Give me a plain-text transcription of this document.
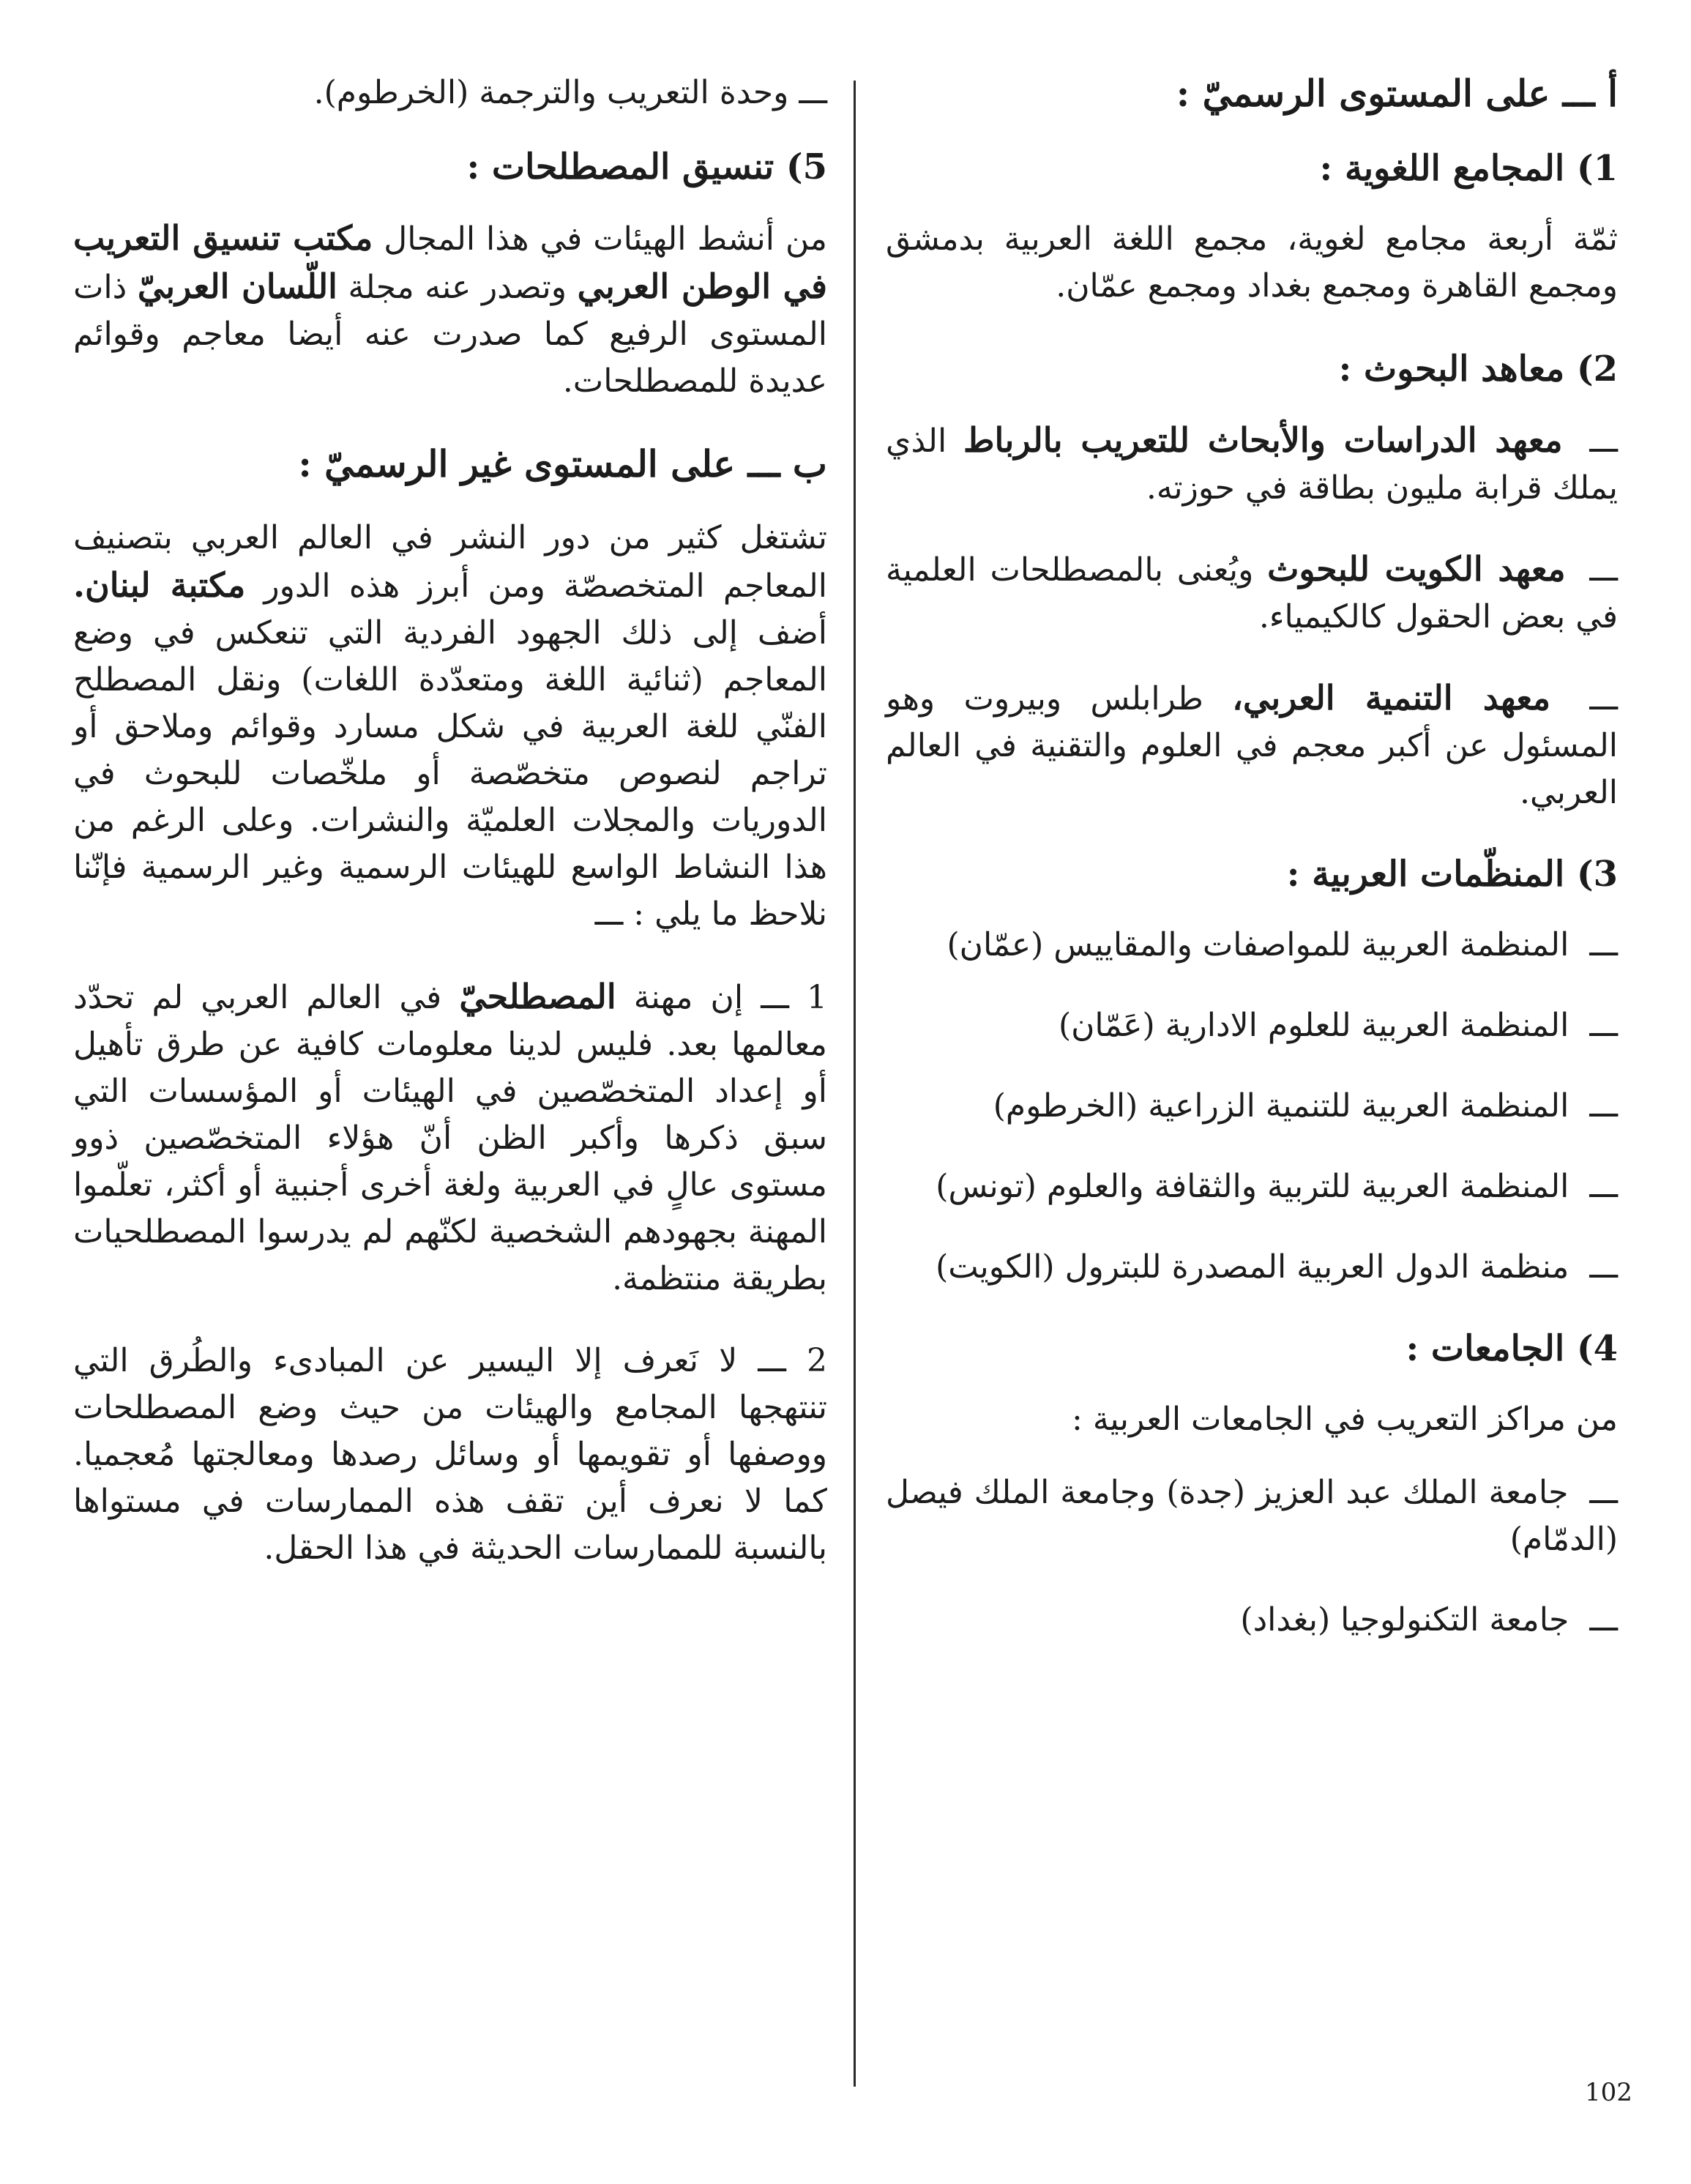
أ ـــ على المستوى الرسميّ :
1) المجامع اللغوية :

ثمّة أربعة مجامع لغوية، مجمع اللغة العربية بدمشق ومجمع القاهرة ومجمع بغداد ومجمع عمّان.

2) معاهد البحوث :

ـــ معهد الدراسات والأبحاث للتعريب بالرباط الذي يملك قرابة مليون بطاقة في حوزته.

ـــ معهد الكويت للبحوث ويُعنى بالمصطلحات العلمية في بعض الحقول كالكيمياء.

ـــ معهد التنمية العربي، طرابلس وبيروت وهو المسئول عن أكبر معجم في العلوم والتقنية في العالم العربي.

3) المنظّمات العربية :

ـــ المنظمة العربية للمواصفات والمقاييس (عمّان)

ـــ المنظمة العربية للعلوم الادارية (عَمّان)

ـــ المنظمة العربية للتنمية الزراعية (الخرطوم)

ـــ المنظمة العربية للتربية والثقافة والعلوم (تونس)

ـــ منظمة الدول العربية المصدرة للبترول (الكويت)

4) الجامعات :

من مراكز التعريب في الجامعات العربية :

ـــ جامعة الملك عبد العزيز (جدة) وجامعة الملك فيصل (الدمّام)

ـــ جامعة التكنولوجيا (بغداد)

ـــ وحدة التعريب والترجمة (الخرطوم).

5) تنسيق المصطلحات :

من أنشط الهيئات في هذا المجال مكتب تنسيق التعريب في الوطن العربي وتصدر عنه مجلة اللّسان العربيّ ذات المستوى الرفيع كما صدرت عنه أيضا معاجم وقوائم عديدة للمصطلحات.

ب ـــ على المستوى غير الرسميّ :

تشتغل كثير من دور النشر في العالم العربي بتصنيف المعاجم المتخصصّة ومن أبرز هذه الدور مكتبة لبنان. أضف إلى ذلك الجهود الفردية التي تنعكس في وضع المعاجم (ثنائية اللغة ومتعدّدة اللغات) ونقل المصطلح الفنّي للغة العربية في شكل مسارد وقوائم وملاحق أو تراجم لنصوص متخصّصة أو ملخّصات للبحوث في الدوريات والمجلات العلميّة والنشرات. وعلى الرغم من هذا النشاط الواسع للهيئات الرسمية وغير الرسمية فإنّنا نلاحظ ما يلي : ـــ

1 ـــ إن مهنة المصطلحيّ في العالم العربي لم تحدّد معالمها بعد. فليس لدينا معلومات كافية عن طرق تأهيل أو إعداد المتخصّصين في الهيئات أو المؤسسات التي سبق ذكرها وأكبر الظن أنّ هؤلاء المتخصّصين ذوو مستوى عالٍ في العربية ولغة أخرى أجنبية أو أكثر، تعلّموا المهنة بجهودهم الشخصية لكنّهم لم يدرسوا المصطلحيات بطريقة منتظمة.

2 ـــ لا نَعرف إلا اليسير عن المبادىء والطُرق التي تنتهجها المجامع والهيئات من حيث وضع المصطلحات ووصفها أو تقويمها أو وسائل رصدها ومعالجتها مُعجميا. كما لا نعرف أين تقف هذه الممارسات في مستواها بالنسبة للممارسات الحديثة في هذا الحقل.

102
